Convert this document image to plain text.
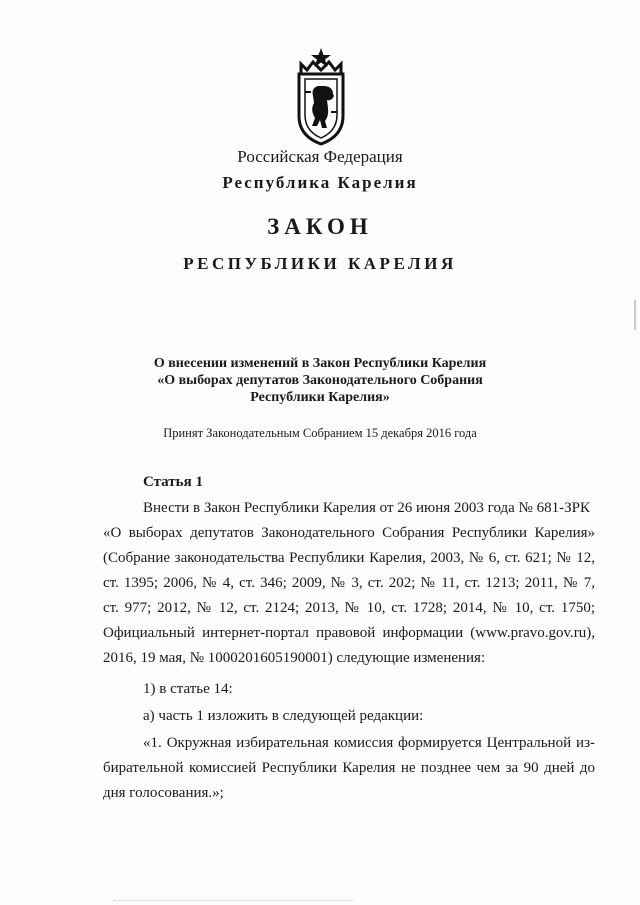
Российская Федерация
Республика Карелия
ЗАКОН
РЕСПУБЛИКИ КАРЕЛИЯ
О внесении изменений в Закон Республики Карелия
«О выборах депутатов Законодательного Собрания
Республики Карелия»
Принят Законодательным Собранием 15 декабря 2016 года
Статья 1
Внести в Закон Республики Карелия от 26 июня 2003 года № 681-ЗРК
«О выборах депутатов Законодательного Собрания Республики Карелия»
(Собрание законодательства Республики Карелия, 2003, № 6, ст. 621; № 12,
ст. 1395; 2006, № 4, ст. 346; 2009, № 3, ст. 202; № 11, ст. 1213; 2011, № 7,
ст. 977; 2012, № 12, ст. 2124; 2013, № 10, ст. 1728; 2014, № 10, ст. 1750;
Официальный интернет-портал правовой информации (www.pravo.gov.ru),
2016, 19 мая, № 1000201605190001) следующие изменения:
1) в статье 14:
а) часть 1 изложить в следующей редакции:
«1. Окружная избирательная комиссия формируется Центральной из-
бирательной комиссией Республики Карелия не позднее чем за 90 дней до
дня голосования.»;
